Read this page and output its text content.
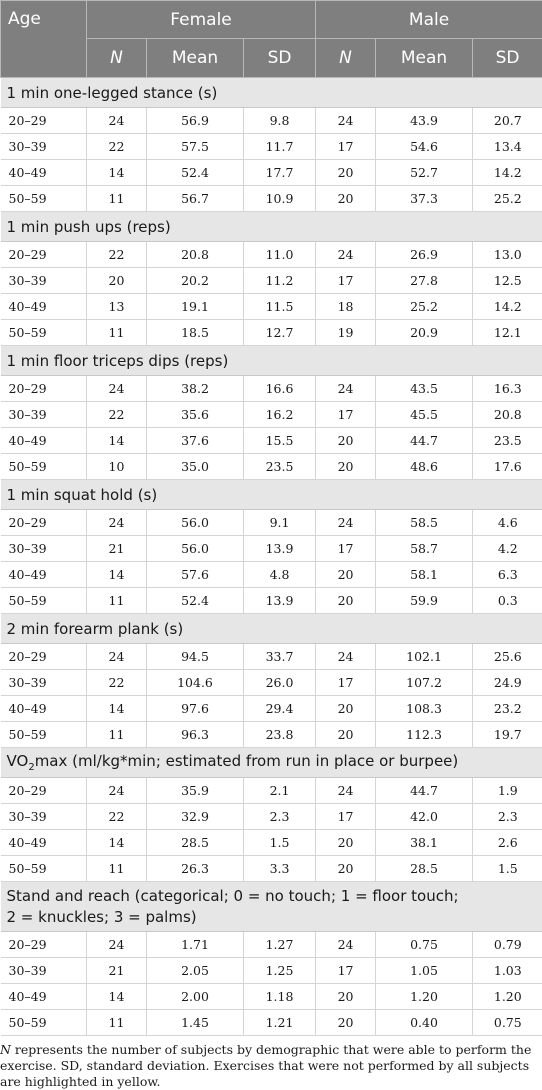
Age	Female			Male		
	N	Mean	SD	N	Mean	SD
1 min one-legged stance (s)						
20–29	24	56.9	9.8	24	43.9	20.7
30–39	22	57.5	11.7	17	54.6	13.4
40–49	14	52.4	17.7	20	52.7	14.2
50–59	11	56.7	10.9	20	37.3	25.2
1 min push ups (reps)						
20–29	22	20.8	11.0	24	26.9	13.0
30–39	20	20.2	11.2	17	27.8	12.5
40–49	13	19.1	11.5	18	25.2	14.2
50–59	11	18.5	12.7	19	20.9	12.1
1 min floor triceps dips (reps)						
20–29	24	38.2	16.6	24	43.5	16.3
30–39	22	35.6	16.2	17	45.5	20.8
40–49	14	37.6	15.5	20	44.7	23.5
50–59	10	35.0	23.5	20	48.6	17.6
1 min squat hold (s)						
20–29	24	56.0	9.1	24	58.5	4.6
30–39	21	56.0	13.9	17	58.7	4.2
40–49	14	57.6	4.8	20	58.1	6.3
50–59	11	52.4	13.9	20	59.9	0.3
2 min forearm plank (s)						
20–29	24	94.5	33.7	24	102.1	25.6
30–39	22	104.6	26.0	17	107.2	24.9
40–49	14	97.6	29.4	20	108.3	23.2
50–59	11	96.3	23.8	20	112.3	19.7
$VO_2\max$ (ml/kg*min; estimated from run in place or burpee)						
20–29	24	35.9	2.1	24	44.7	1.9
30–39	22	32.9	2.3	17	42.0	2.3
40–49	14	28.5	1.5	20	38.1	2.6
50–59	11	26.3	3.3	20	28.5	1.5

Stand and reach (categorical; 0 = no touch; 1 = floor touch;
2 = knuckles; 3 = palms)						

20–29	24	1.71	1.27	24	0.75	0.79
30–39	21	2.05	1.25	17	1.05	1.03
40–49	14	2.00	1.18	20	1.20	1.20
50–59	11	1.45	1.21	20	0.40	0.75

N represents the number of subjects by demographic that were able to perform the exercise. SD, standard deviation. Exercises that were not performed by all subjects are highlighted in yellow.
